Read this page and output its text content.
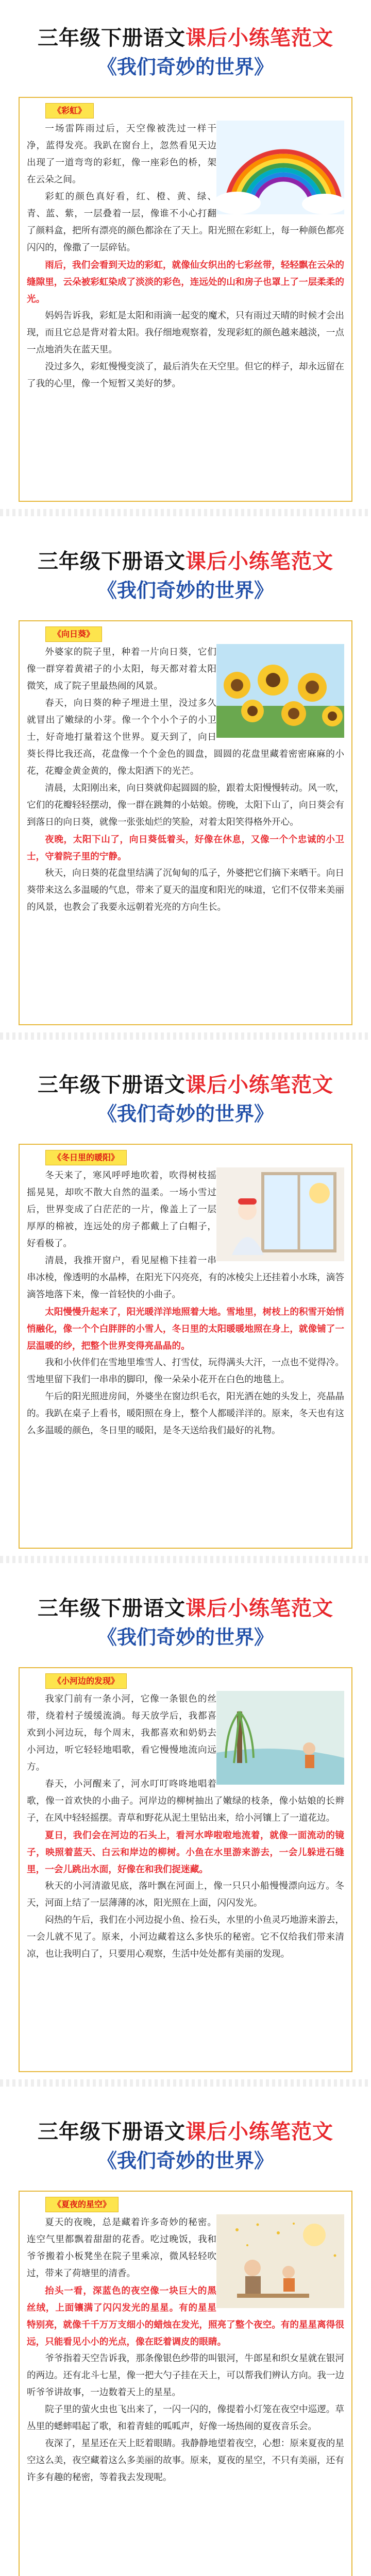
三年级下册语文课后小练笔范文
《我们奇妙的世界》
《彩虹》

一场雷阵雨过后，天空像被洗过一样干净，蓝得发亮。我趴在窗台上，忽然看见天边出现了一道弯弯的彩虹，像一座彩色的桥，架在云朵之间。

彩虹的颜色真好看，红、橙、黄、绿、青、蓝、紫，一层叠着一层，像谁不小心打翻了颜料盒，把所有漂亮的颜色都涂在了天上。阳光照在彩虹上，每一种颜色都亮闪闪的，像撒了一层碎钻。

雨后，我们会看到天边的彩虹，就像仙女织出的七彩丝带，轻轻飘在云朵的缝隙里，云朵被彩虹染成了淡淡的彩色，连远处的山和房子也罩上了一层柔柔的光。

妈妈告诉我，彩虹是太阳和雨滴一起变的魔术，只有雨过天晴的时候才会出现，而且它总是背对着太阳。我仔细地观察着，发现彩虹的颜色越来越淡，一点一点地消失在蓝天里。

没过多久，彩虹慢慢变淡了，最后消失在天空里。但它的样子，却永远留在了我的心里，像一个短暂又美好的梦。

三年级下册语文课后小练笔范文
《我们奇妙的世界》
《向日葵》

外婆家的院子里，种着一片向日葵，它们像一群穿着黄裙子的小太阳，每天都对着太阳微笑，成了院子里最热闹的风景。

春天，向日葵的种子埋进土里，没过多久就冒出了嫩绿的小芽。像一个个小个子的小卫士，好奇地打量着这个世界。夏天到了，向日葵长得比我还高，花盘像一个个金色的圆盘，圆圆的花盘里藏着密密麻麻的小花，花瓣金黄金黄的，像太阳洒下的光芒。

清晨，太阳刚出来，向日葵就仰起圆圆的脸，跟着太阳慢慢转动。风一吹，它们的花瓣轻轻摆动，像一群在跳舞的小姑娘。傍晚，太阳下山了，向日葵会有到落日的向日葵，就像一张张灿烂的笑脸，对着太阳笑得格外开心。

夜晚，太阳下山了，向日葵低着头，好像在休息，又像一个个忠诚的小卫士，守着院子里的宁静。

秋天，向日葵的花盘里结满了沉甸甸的瓜子，外婆把它们摘下来晒干。向日葵带来这么多温暖的气息，带来了夏天的温度和阳光的味道，它们不仅带来美丽的风景，也教会了我要永远朝着光亮的方向生长。

三年级下册语文课后小练笔范文
《我们奇妙的世界》
《冬日里的暖阳》

冬天来了，寒风呼呼地吹着，吹得树枝摇摇晃晃，却吹不散大自然的温柔。一场小雪过后，世界变成了白茫茫的一片，像盖上了一层厚厚的棉被，连远处的房子都戴上了白帽子，好看极了。

清晨，我推开窗户，看见屋檐下挂着一串串冰棱，像透明的水晶棒，在阳光下闪亮亮，有的冰棱尖上还挂着小水珠，滴答滴答地落下来，像一首轻快的小曲子。

太阳慢慢升起来了，阳光暖洋洋地照着大地。雪地里，树枝上的积雪开始悄悄融化，像一个个白胖胖的小雪人，冬日里的太阳暖暖地照在身上，就像铺了一层温暖的纱，把整个世界变得亮晶晶的。

我和小伙伴们在雪地里堆雪人、打雪仗，玩得满头大汗，一点也不觉得冷。雪地里留下我们一串串的脚印，像一朵朵小花开在白色的地毯上。

午后的阳光照进房间，外婆坐在窗边织毛衣，阳光洒在她的头发上，亮晶晶的。我趴在桌子上看书，暖阳照在身上，整个人都暖洋洋的。原来，冬天也有这么多温暖的颜色，冬日里的暖阳，是冬天送给我们最好的礼物。

三年级下册语文课后小练笔范文
《我们奇妙的世界》
《小河边的发现》

我家门前有一条小河，它像一条银色的丝带，绕着村子缓缓流淌。每天放学后，我都喜欢到小河边玩，每个周末，我都喜欢和奶奶去小河边，听它轻轻地唱歌，看它慢慢地流向远方。

春天，小河醒来了，河水叮叮咚咚地唱着歌，像一首欢快的小曲子。河岸边的柳树抽出了嫩绿的枝条，像小姑娘的长辫子，在风中轻轻摇摆。青草和野花从泥土里钻出来，给小河镶上了一道花边。

夏日，我们会在河边的石头上，看河水哗啦啦地流着，就像一面流动的镜子，映照着蓝天、白云和岸边的柳树。小鱼在水里游来游去，一会儿躲进石缝里，一会儿跳出水面，好像在和我们捉迷藏。

秋天的小河清澈见底，落叶飘在河面上，像一只只小船慢慢漂向远方。冬天，河面上结了一层薄薄的冰，阳光照在上面，闪闪发光。

闷热的午后，我们在小河边捉小鱼、捡石头，水里的小鱼灵巧地游来游去，一会儿就不见了。原来，小河边藏着这么多快乐的秘密。它不仅给我们带来清凉，也让我明白了，只要用心观察，生活中处处都有美丽的发现。

三年级下册语文课后小练笔范文
《我们奇妙的世界》
《夏夜的星空》

夏天的夜晚，总是藏着许多奇妙的秘密。连空气里都飘着甜甜的花香。吃过晚饭，我和爷爷搬着小板凳坐在院子里乘凉，微风轻轻吹过，带来了荷塘里的清香。

抬头一看，深蓝色的夜空像一块巨大的黑丝绒，上面镶满了闪闪发光的星星。有的星星特别亮，就像千千万万支细小的蜡烛在发光，照亮了整个夜空。有的星星离得很远，只能看见小小的光点，像在眨着调皮的眼睛。

爷爷指着天空告诉我，那条像银色纱带的叫银河，牛郎星和织女星就在银河的两边。还有北斗七星，像一把大勺子挂在天上，可以帮我们辨认方向。我一边听爷爷讲故事，一边数着天上的星星。

院子里的萤火虫也飞出来了，一闪一闪的，像提着小灯笼在夜空中巡逻。草丛里的蟋蟀唱起了歌，和着青蛙的呱呱声，好像一场热闹的夏夜音乐会。

夜深了，星星还在天上眨着眼睛。我静静地望着夜空，心想：原来夏夜的星空这么美，夜空藏着这么多美丽的故事。原来，夏夜的星空，不只有美丽，还有许多有趣的秘密，等着我去发现呢。
